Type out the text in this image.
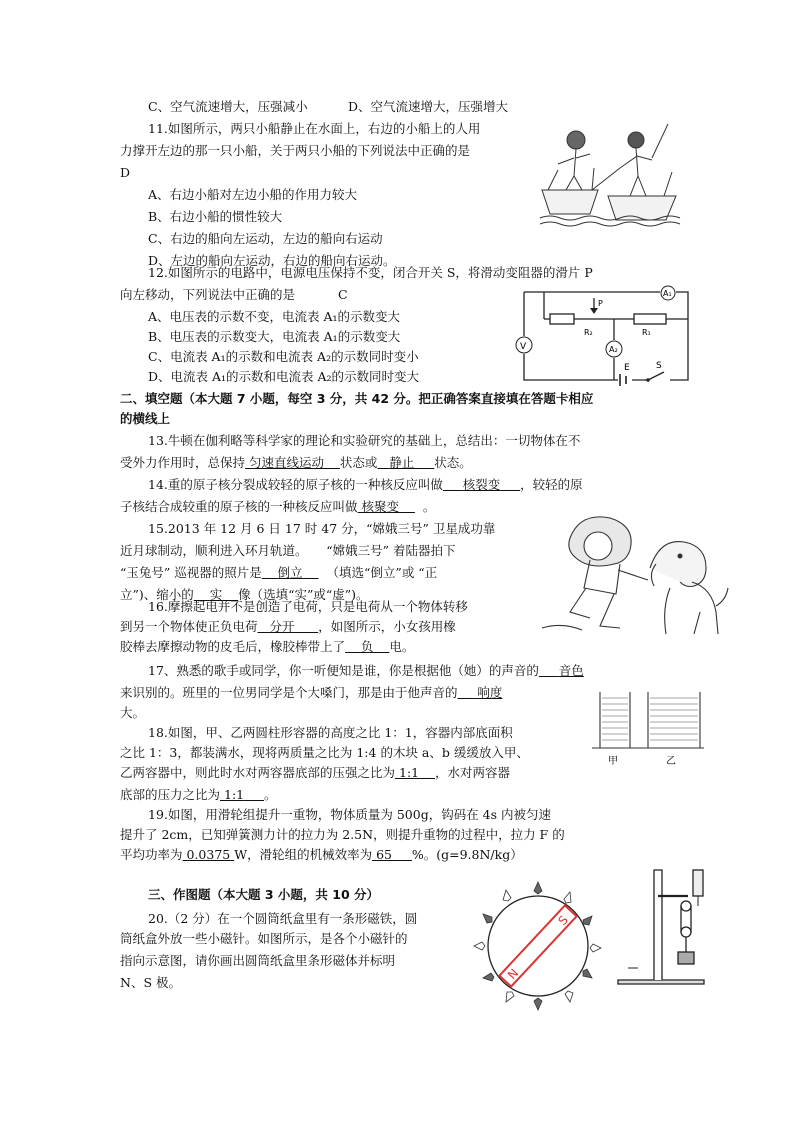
C、空气流速增大，压强减小	D、空气流速增大，压强增大
11.如图所示，两只小船静止在水面上，右边的小船上的人用
力撑开左边的那一只小船，关于两只小船的下列说法中正确的是
D
A、右边小船对左边小船的作用力较大
B、右边小船的惯性较大
C、右边的船向左运动，左边的船向右运动
D、左边的船向左运动，右边的船向右运动。
12.如图所示的电路中，电源电压保持不变，闭合开关 S，将滑动变阻器的滑片 P
向左移动，下列说法中正确的是	C
A、电压表的示数不变，电流表 A₁的示数变大
B、电压表的示数变大，电流表 A₁的示数变大
C、电流表 A₁的示数和电流表 A₂的示数同时变小
D、电流表 A₁的示数和电流表 A₂的示数同时变大
A₁
V	A₂
P
R₂	R₁
E	S
二、填空题（本大题 7 小题，每空 3 分，共 42 分。把正确答案直接填在答题卡相应
的横线上
13.牛顿在伽利略等科学家的理论和实验研究的基础上，总结出：一切物体在不
受外力作用时，总保持 匀速直线运动 状态或 静止 状态。
14.重的原子核分裂成较轻的原子核的一种核反应叫做 核裂变 ，较轻的原
子核结合成较重的原子核的一种核反应叫做 核聚变 。
15.2013 年 12 月 6 日 17 时 47 分，“嫦娥三号” 卫星成功靠
近月球制动，顺利进入环月轨道。　　“嫦娥三号” 着陆器拍下
“玉兔号” 巡视器的照片是 倒立 （填选“倒立”或 “正
立”)、缩小的 实 像（选填“实”或“虚”)。
16.摩擦起电并不是创造了电荷，只是电荷从一个物体转移
到另一个物体使正负电荷 分开 ，如图所示，小女孩用橡
胶棒去摩擦动物的皮毛后，橡胶棒带上了 负 电。
17、熟悉的歌手或同学，你一听便知是谁，你是根据他（她）的声音的 音色
来识别的。班里的一位男同学是个大嗓门，那是由于他声音的 响度
大。
甲	乙
18.如图，甲、乙两圆柱形容器的高度之比 1：1，容器内部底面积
之比 1：3，都装满水，现将两质量之比为 1:4 的木块 a、b 缓缓放入甲、
乙两容器中，则此时水对两容器底部的压强之比为 1:1 ，水对两容器
底部的压力之比为 1:1 。
19.如图，用滑轮组提升一重物，物体质量为 500g，钩码在 4s 内被匀速
提升了 2cm，已知弹簧测力计的拉力为 2.5N，则提升重物的过程中，拉力 F 的
平均功率为 0.0375 W，滑轮组的机械效率为 65 %。(g=9.8N/kg）
三、作图题（本大题 3 小题，共 10 分）
20.（2 分）在一个圆筒纸盒里有一条形磁铁，圆
筒纸盒外放一些小磁针。如图所示，是各个小磁针的
指向示意图，请你画出圆筒纸盒里条形磁体并标明
N、S 极。
N
S
